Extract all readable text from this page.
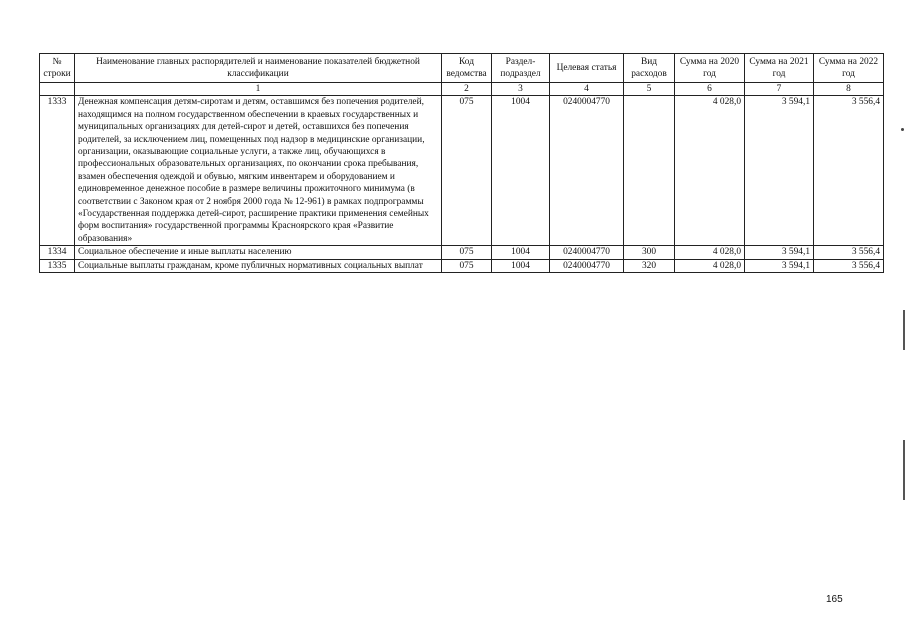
№ строки	Наименование главных распорядителей и наименование показателей бюджетной классификации	Код ведомства	Раздел-подраздел	Целевая статья	Вид расходов	Сумма на 2020 год	Сумма на 2021 год	Сумма на 2022 год
	1	2	3	4	5	6	7	8
1333	Денежная компенсация детям-сиротам и детям, оставшимся без попечения родителей, находящимся на полном государственном обеспечении в краевых государственных и муниципальных организациях для детей-сирот и детей, оставшихся без попечения родителей, за исключением лиц, помещенных под надзор в медицинские организации, организации, оказывающие социальные услуги, а также лиц, обучающихся в профессиональных образовательных организациях, по окончании срока пребывания, взамен обеспечения одеждой и обувью, мягким инвентарем и оборудованием и единовременное денежное пособие в размере величины прожиточного минимума (в соответствии с Законом края от 2 ноября 2000 года № 12-961) в рамках подпрограммы «Государственная поддержка детей-сирот, расширение практики применения семейных форм воспитания» государственной программы Красноярского края «Развитие образования»	075	1004	0240004770		4 028,0	3 594,1	3 556,4
1334	Социальное обеспечение и иные выплаты населению	075	1004	0240004770	300	4 028,0	3 594,1	3 556,4
1335	Социальные выплаты гражданам, кроме публичных нормативных социальных выплат	075	1004	0240004770	320	4 028,0	3 594,1	3 556,4
165
